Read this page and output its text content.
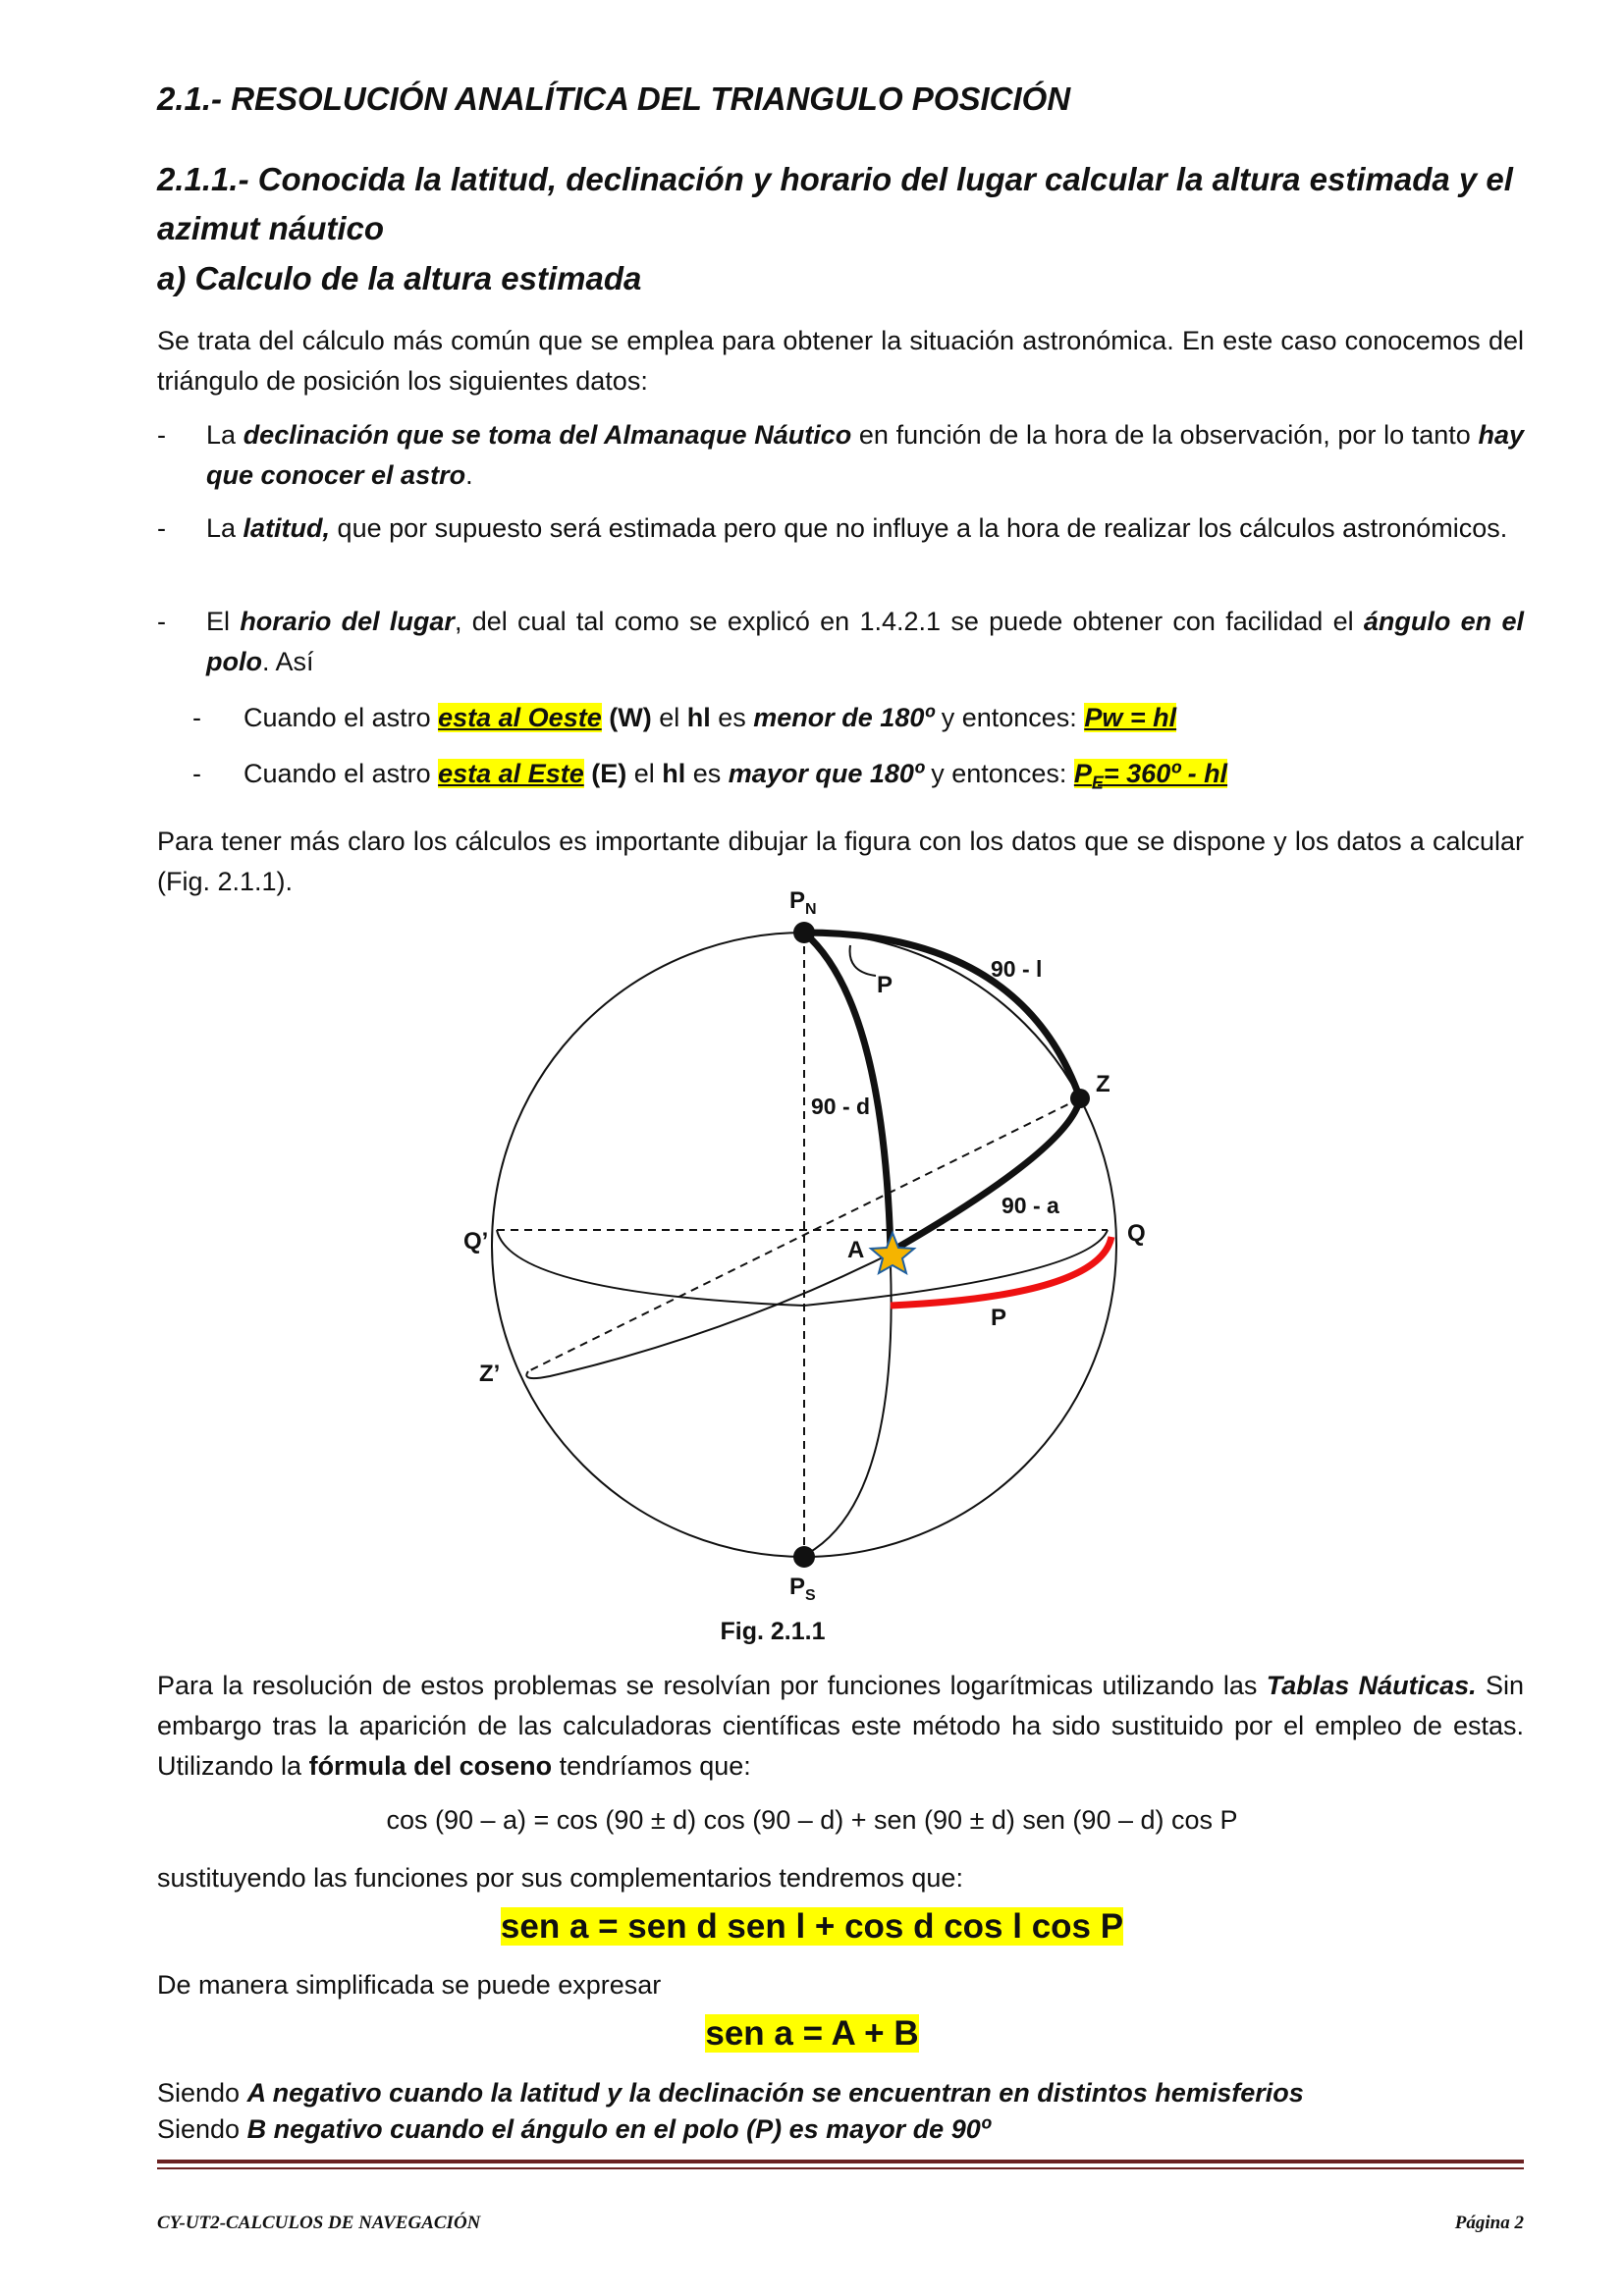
2.1.- RESOLUCIÓN ANALÍTICA DEL TRIANGULO POSICIÓN
2.1.1.- Conocida la latitud, declinación y horario del lugar calcular la altura estimada y el azimut náutico
a) Calculo de la altura estimada

Se trata del cálculo más común que se emplea para obtener la situación astronómica. En este caso conocemos del triángulo de posición los siguientes datos:

- La declinación que se toma del Almanaque Náutico en función de la hora de la observación, por lo tanto hay que conocer el astro.
- La latitud, que por supuesto será estimada pero que no influye a la hora de realizar los cálculos astronómicos.
- El horario del lugar, del cual tal como se explicó en 1.4.2.1 se puede obtener con facilidad el ángulo en el polo. Así
- Cuando el astro esta al Oeste (W) el hl es menor de 180º y entonces: Pw = hl
- Cuando el astro esta al Este (E) el hl es mayor que 180º y entonces: $P_E=$ 360º - hl

Para tener más claro los cálculos es importante dibujar la figura con los datos que se dispone y los datos a calcular (Fig. 2.1.1).

$P_N$
$P_S$
P
90 - l
90 - d
90 - a
Z
Q
Q’
Z’
A
P
Fig. 2.1.1

Para la resolución de estos problemas se resolvían por funciones logarítmicas utilizando las Tablas Náuticas. Sin embargo tras la aparición de las calculadoras científicas este método ha sido sustituido por el empleo de estas. Utilizando la fórmula del coseno tendríamos que:

cos (90 – a) = cos (90 ± d) cos (90 – d) + sen (90 ± d) sen (90 – d) cos P

sustituyendo las funciones por sus complementarios tendremos que:

sen a = sen d sen l + cos d cos l cos P

De manera simplificada se puede expresar

sen a = A + B

Siendo A negativo cuando la latitud y la declinación se encuentran en distintos hemisferios

Siendo B negativo cuando el ángulo en el polo (P) es mayor de 90º

CY-UT2-CALCULOS DE NAVEGACIÓN	Página 2
